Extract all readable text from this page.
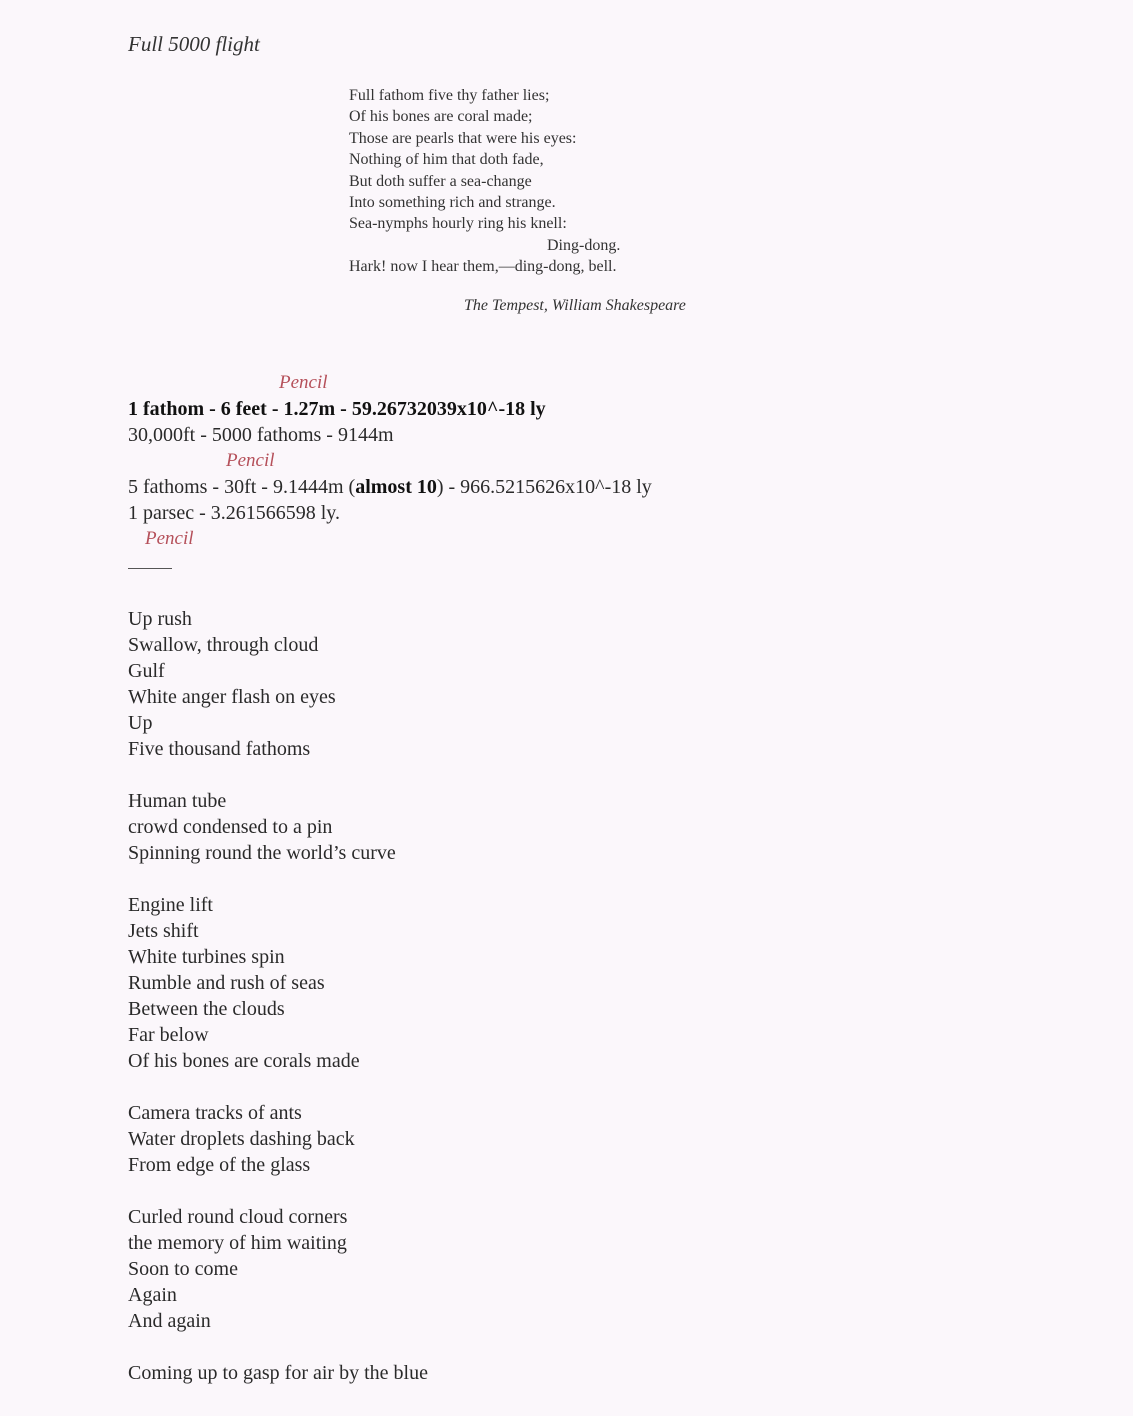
Full 5000 flight
Full fathom five thy father lies;
Of his bones are coral made;
Those are pearls that were his eyes:
Nothing of him that doth fade,
But doth suffer a sea-change
Into something rich and strange.
Sea-nymphs hourly ring his knell:
Ding-dong.
Hark! now I hear them,—ding-dong, bell.
The Tempest, William Shakespeare
Pencil
1 fathom - 6 feet - 1.27m - 59.26732039x10^-18 ly
30,000ft - 5000 fathoms - 9144m
Pencil
5 fathoms - 30ft - 9.1444m (almost 10) - 966.5215626x10^-18 ly
1 parsec - 3.261566598 ly.
Pencil
Up rush
Swallow, through cloud
Gulf
White anger flash on eyes
Up
Five thousand fathoms
Human tube
crowd condensed to a pin
Spinning round the world’s curve
Engine lift
Jets shift
White turbines spin
Rumble and rush of seas
Between the clouds
Far below
Of his bones are corals made
Camera tracks of ants
Water droplets dashing back
From edge of the glass
Curled round cloud corners
the memory of him waiting
Soon to come
Again
And again
Coming up to gasp for air by the blue
